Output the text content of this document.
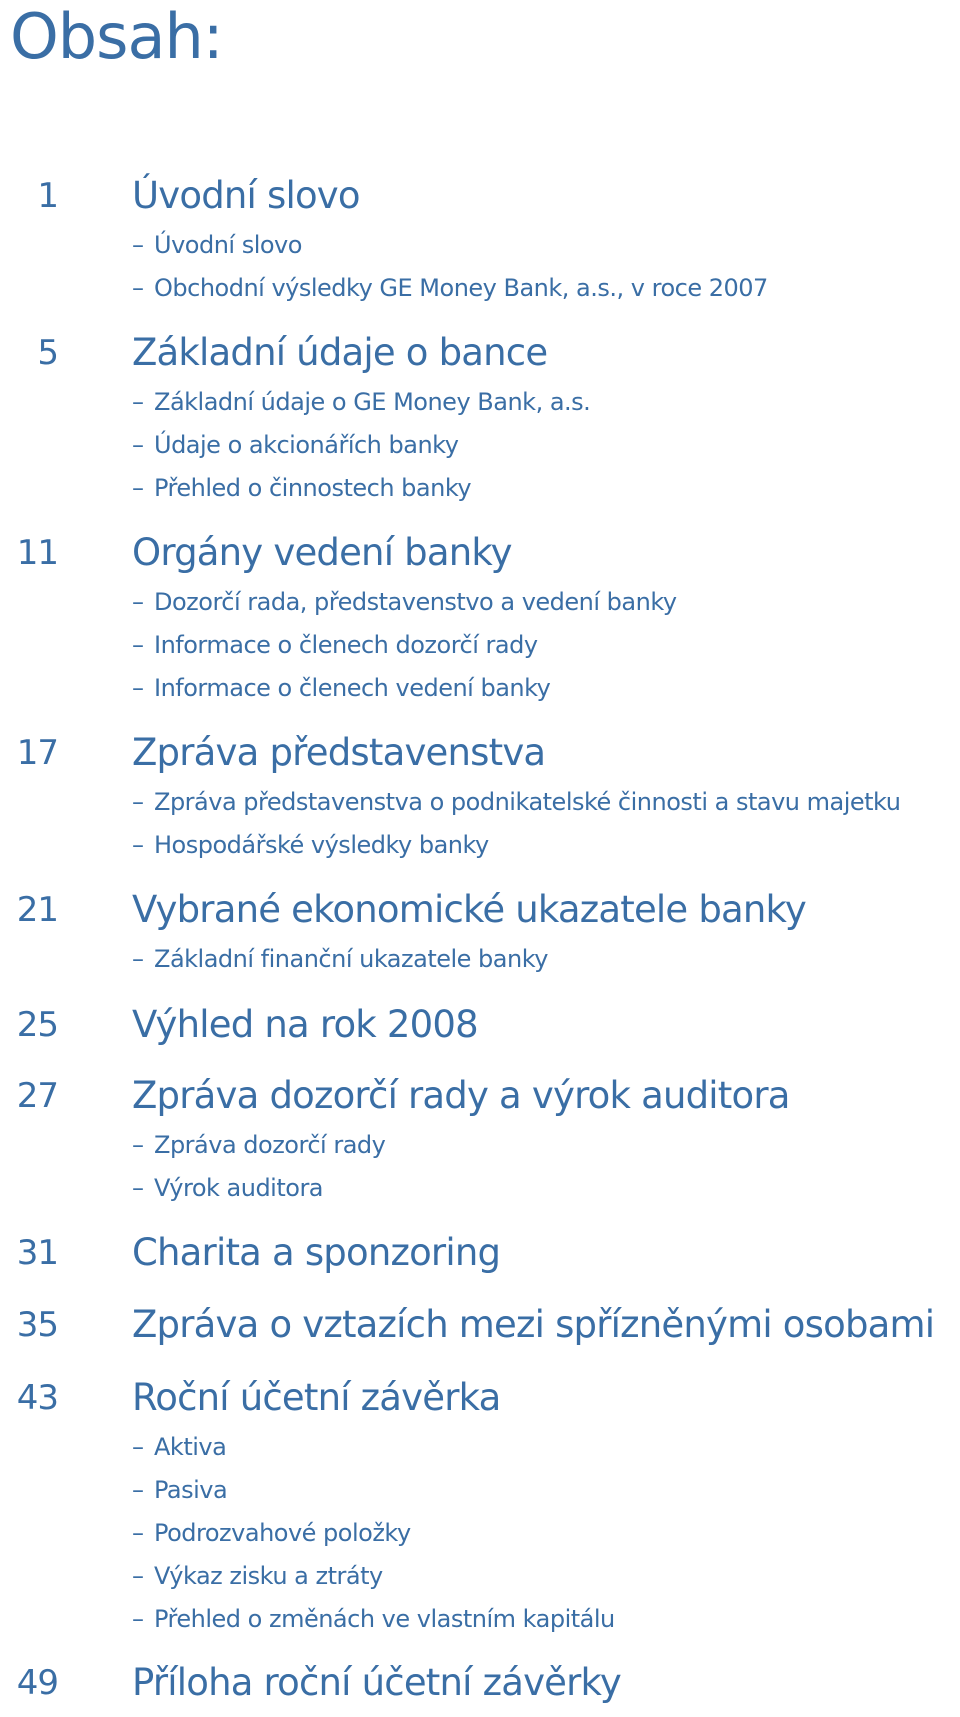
Obsah:
1 Úvodní slovo
– Úvodní slovo
– Obchodní výsledky GE Money Bank, a.s., v roce 2007
5 Základní údaje o bance
– Základní údaje o GE Money Bank, a.s.
– Údaje o akcionářích banky
– Přehled o činnostech banky
11 Orgány vedení banky
– Dozorčí rada, představenstvo a vedení banky
– Informace o členech dozorčí rady
– Informace o členech vedení banky
17 Zpráva představenstva
– Zpráva představenstva o podnikatelské činnosti a stavu majetku
– Hospodářské výsledky banky
21 Vybrané ekonomické ukazatele banky
– Základní finanční ukazatele banky
25 Výhled na rok 2008
27 Zpráva dozorčí rady a výrok auditora
– Zpráva dozorčí rady
– Výrok auditora
31 Charita a sponzoring
35 Zpráva o vztazích mezi spřízněnými osobami
43 Roční účetní závěrka
– Aktiva
– Pasiva
– Podrozvahové položky
– Výkaz zisku a ztráty
– Přehled o změnách ve vlastním kapitálu
49 Příloha roční účetní závěrky
